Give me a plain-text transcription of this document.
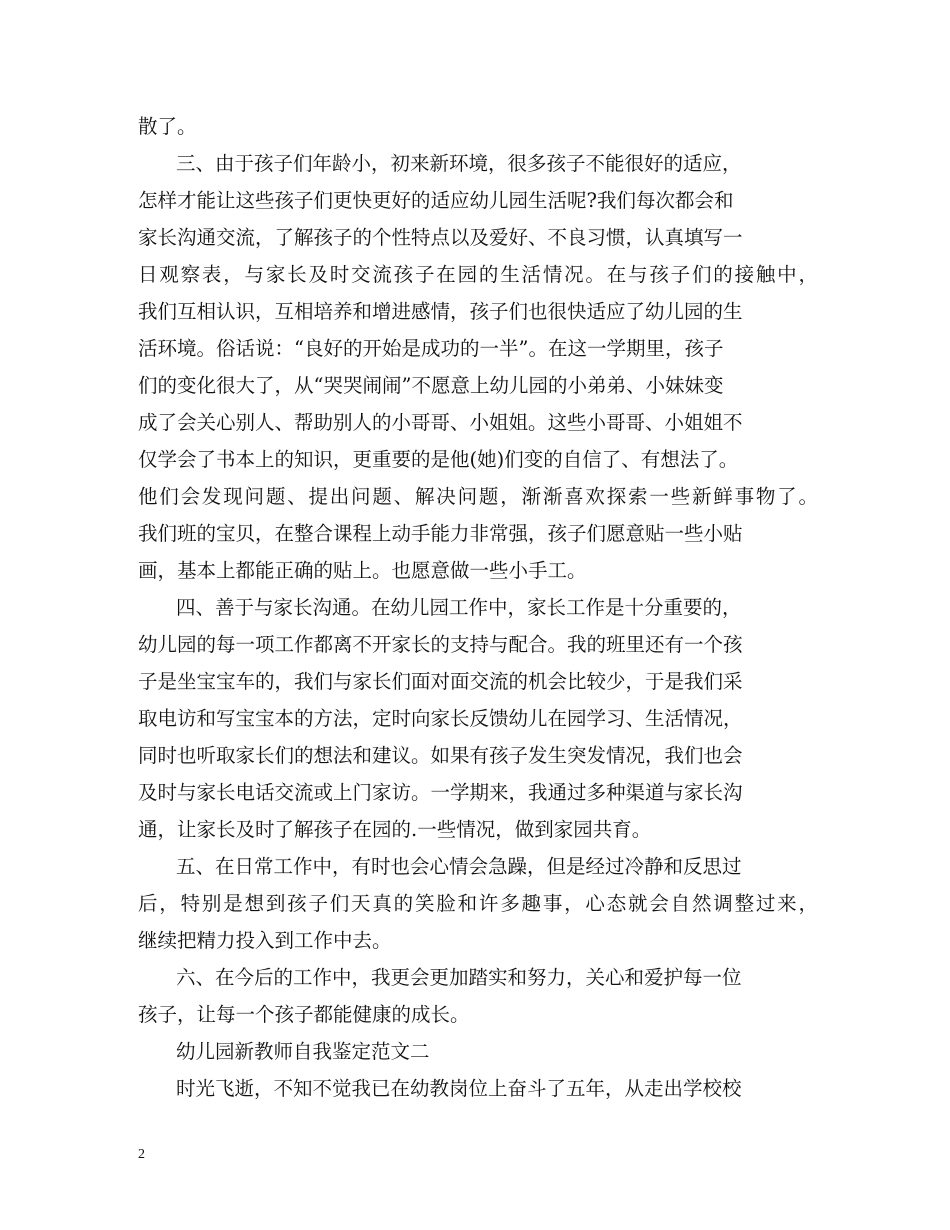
散了。
三、由于孩子们年龄小，初来新环境，很多孩子不能很好的适应，
怎样才能让这些孩子们更快更好的适应幼儿园生活呢?我们每次都会和
家长沟通交流，了解孩子的个性特点以及爱好、不良习惯，认真填写一
日观察表，与家长及时交流孩子在园的生活情况。在与孩子们的接触中，
我们互相认识，互相培养和增进感情，孩子们也很快适应了幼儿园的生
活环境。俗话说：“良好的开始是成功的一半”。在这一学期里，孩子
们的变化很大了，从“哭哭闹闹”不愿意上幼儿园的小弟弟、小妹妹变
成了会关心别人、帮助别人的小哥哥、小姐姐。这些小哥哥、小姐姐不
仅学会了书本上的知识，更重要的是他(她)们变的自信了、有想法了。
他们会发现问题、提出问题、解决问题，渐渐喜欢探索一些新鲜事物了。
我们班的宝贝，在整合课程上动手能力非常强，孩子们愿意贴一些小贴
画，基本上都能正确的贴上。也愿意做一些小手工。
四、善于与家长沟通。在幼儿园工作中，家长工作是十分重要的，
幼儿园的每一项工作都离不开家长的支持与配合。我的班里还有一个孩
子是坐宝宝车的，我们与家长们面对面交流的机会比较少，于是我们采
取电访和写宝宝本的方法，定时向家长反馈幼儿在园学习、生活情况，
同时也听取家长们的想法和建议。如果有孩子发生突发情况，我们也会
及时与家长电话交流或上门家访。一学期来，我通过多种渠道与家长沟
通，让家长及时了解孩子在园的.一些情况，做到家园共育。
五、在日常工作中，有时也会心情会急躁，但是经过冷静和反思过
后，特别是想到孩子们天真的笑脸和许多趣事，心态就会自然调整过来，
继续把精力投入到工作中去。
六、在今后的工作中，我更会更加踏实和努力，关心和爱护每一位
孩子，让每一个孩子都能健康的成长。
幼儿园新教师自我鉴定范文二
时光飞逝，不知不觉我已在幼教岗位上奋斗了五年，从走出学校校
2
